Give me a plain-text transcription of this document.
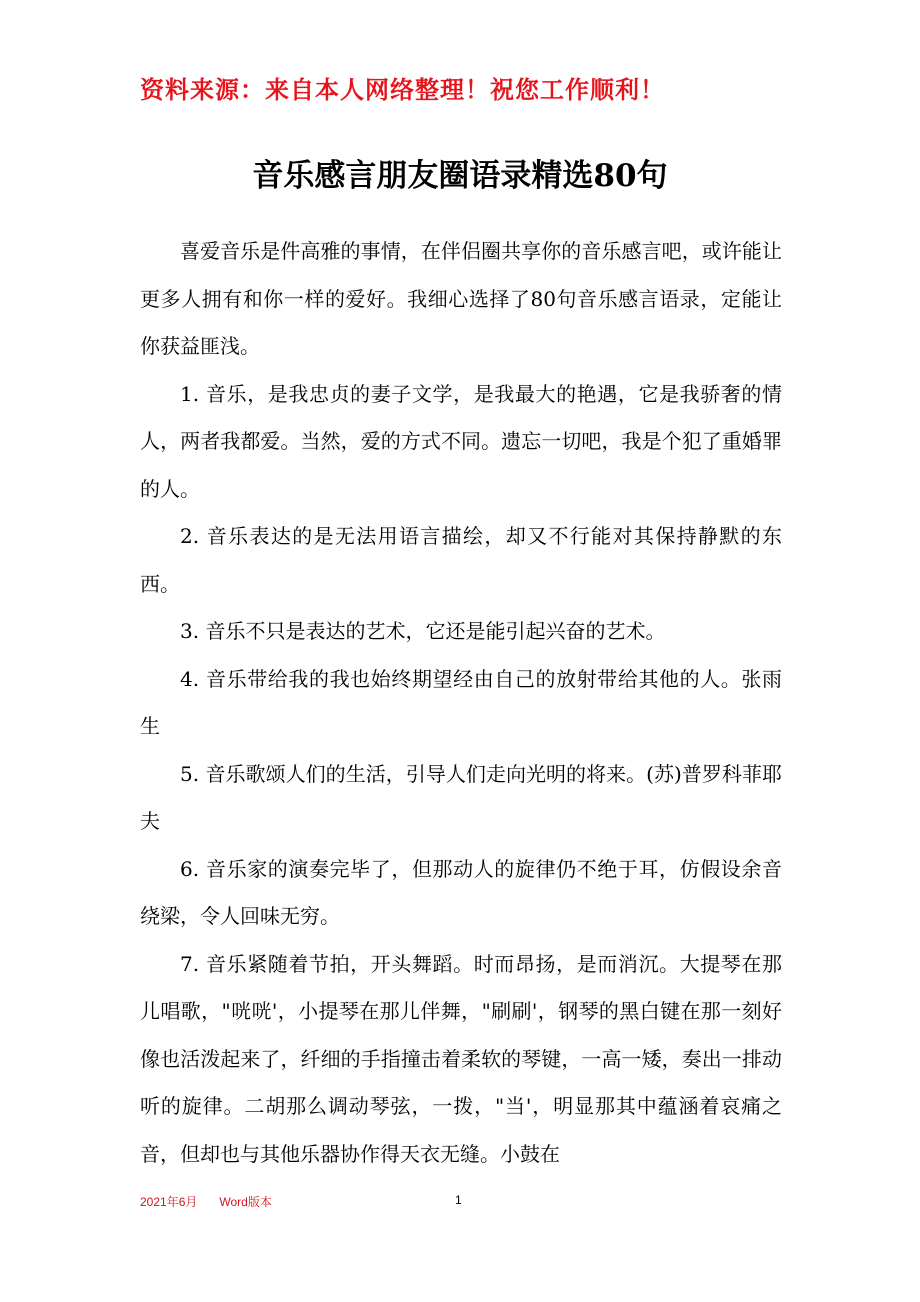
资料来源：来自本人网络整理！祝您工作顺利！
音乐感言朋友圈语录精选80句

喜爱音乐是件高雅的事情，在伴侣圈共享你的音乐感言吧，或许能让更多人拥有和你一样的爱好。我细心选择了80句音乐感言语录，定能让你获益匪浅。

1. 音乐，是我忠贞的妻子文学，是我最大的艳遇，它是我骄奢的情人，两者我都爱。当然，爱的方式不同。遗忘一切吧，我是个犯了重婚罪的人。

2. 音乐表达的是无法用语言描绘，却又不行能对其保持静默的东西。

3. 音乐不只是表达的艺术，它还是能引起兴奋的艺术。

4. 音乐带给我的我也始终期望经由自己的放射带给其他的人。张雨生

5. 音乐歌颂人们的生活，引导人们走向光明的将来。(苏)普罗科菲耶夫

6. 音乐家的演奏完毕了，但那动人的旋律仍不绝于耳，仿假设余音绕梁，令人回味无穷。

7. 音乐紧随着节拍，开头舞蹈。时而昂扬，是而消沉。大提琴在那儿唱歌，"咣咣'，小提琴在那儿伴舞，"刷刷'，钢琴的黑白键在那一刻好像也活泼起来了，纤细的手指撞击着柔软的琴键，一高一矮，奏出一排动听的旋律。二胡那么调动琴弦，一拨，"当'，明显那其中蕴涵着哀痛之音，但却也与其他乐器协作得天衣无缝。小鼓在

2021年6月 Word版本	1
